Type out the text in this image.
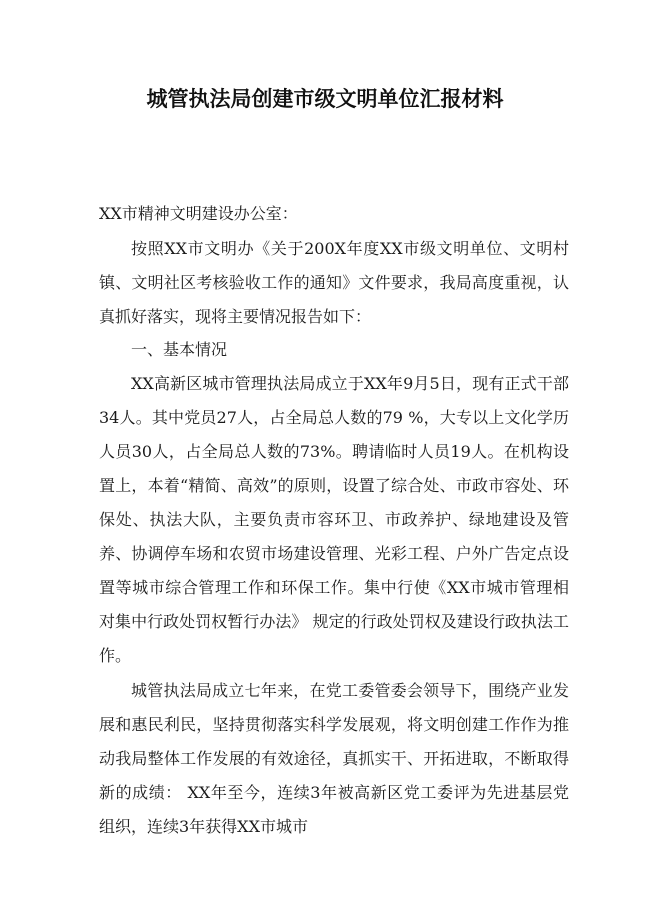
城管执法局创建市级文明单位汇报材料

XX市精神文明建设办公室：

按照XX市文明办《关于200X年度XX市级文明单位、文明村镇、文明社区考核验收工作的通知》文件要求，我局高度重视，认真抓好落实，现将主要情况报告如下：

一、基本情况

XX高新区城市管理执法局成立于XX年9月5日，现有正式干部34人。其中党员27人，占全局总人数的79 %，大专以上文化学历人员30人，占全局总人数的73%。聘请临时人员19人。在机构设置上，本着“精简、高效”的原则，设置了综合处、市政市容处、环保处、执法大队，主要负责市容环卫、市政养护、绿地建设及管养、协调停车场和农贸市场建设管理、光彩工程、户外广告定点设置等城市综合管理工作和环保工作。集中行使《XX市城市管理相对集中行政处罚权暂行办法》 规定的行政处罚权及建设行政执法工作。

城管执法局成立七年来，在党工委管委会领导下，围绕产业发展和惠民利民，坚持贯彻落实科学发展观，将文明创建工作作为推动我局整体工作发展的有效途径，真抓实干、开拓进取，不断取得新的成绩： XX年至今，连续3年被高新区党工委评为先进基层党组织，连续3年获得XX市城市
